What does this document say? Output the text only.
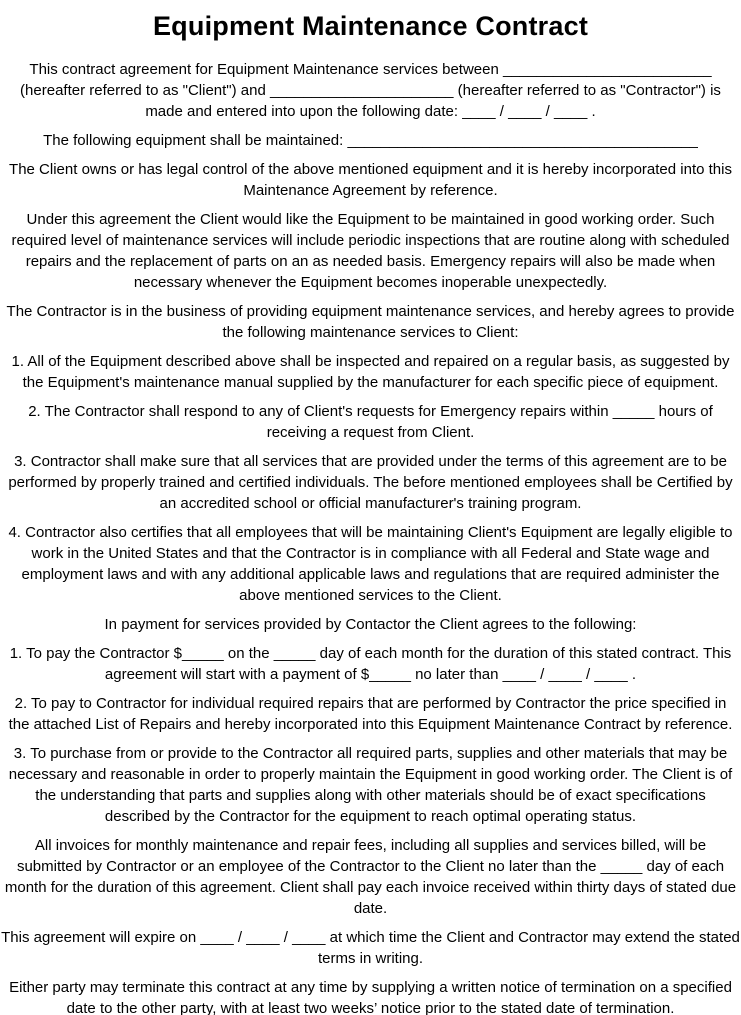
Equipment Maintenance Contract
This contract agreement for Equipment Maintenance services between _________________________
(hereafter referred to as "Client") and ______________________ (hereafter referred to as "Contractor") is
made and entered into upon the following date: ____ / ____ / ____ .
The following equipment shall be maintained: __________________________________________
The Client owns or has legal control of the above mentioned equipment and it is hereby incorporated into this
Maintenance Agreement by reference.
Under this agreement the Client would like the Equipment to be maintained in good working order. Such
required level of maintenance services will include periodic inspections that are routine along with scheduled
repairs and the replacement of parts on an as needed basis. Emergency repairs will also be made when
necessary whenever the Equipment becomes inoperable unexpectedly.
The Contractor is in the business of providing equipment maintenance services, and hereby agrees to provide
the following maintenance services to Client:
1. All of the Equipment described above shall be inspected and repaired on a regular basis, as suggested by
the Equipment's maintenance manual supplied by the manufacturer for each specific piece of equipment.
2. The Contractor shall respond to any of Client's requests for Emergency repairs within _____ hours of
receiving a request from Client.
3. Contractor shall make sure that all services that are provided under the terms of this agreement are to be
performed by properly trained and certified individuals. The before mentioned employees shall be Certified by
an accredited school or official manufacturer's training program.
4. Contractor also certifies that all employees that will be maintaining Client's Equipment are legally eligible to
work in the United States and that the Contractor is in compliance with all Federal and State wage and
employment laws and with any additional applicable laws and regulations that are required administer the
above mentioned services to the Client.
In payment for services provided by Contactor the Client agrees to the following:
1. To pay the Contractor $_____ on the _____ day of each month for the duration of this stated contract. This
agreement will start with a payment of $_____ no later than ____ / ____ / ____ .
2. To pay to Contractor for individual required repairs that are performed by Contractor the price specified in
the attached List of Repairs and hereby incorporated into this Equipment Maintenance Contract by reference.
3. To purchase from or provide to the Contractor all required parts, supplies and other materials that may be
necessary and reasonable in order to properly maintain the Equipment in good working order. The Client is of
the understanding that parts and supplies along with other materials should be of exact specifications
described by the Contractor for the equipment to reach optimal operating status.
All invoices for monthly maintenance and repair fees, including all supplies and services billed, will be
submitted by Contractor or an employee of the Contractor to the Client no later than the _____ day of each
month for the duration of this agreement. Client shall pay each invoice received within thirty days of stated due
date.
This agreement will expire on ____ / ____ / ____ at which time the Client and Contractor may extend the stated
terms in writing.
Either party may terminate this contract at any time by supplying a written notice of termination on a specified
date to the other party, with at least two weeks’ notice prior to the stated date of termination.
